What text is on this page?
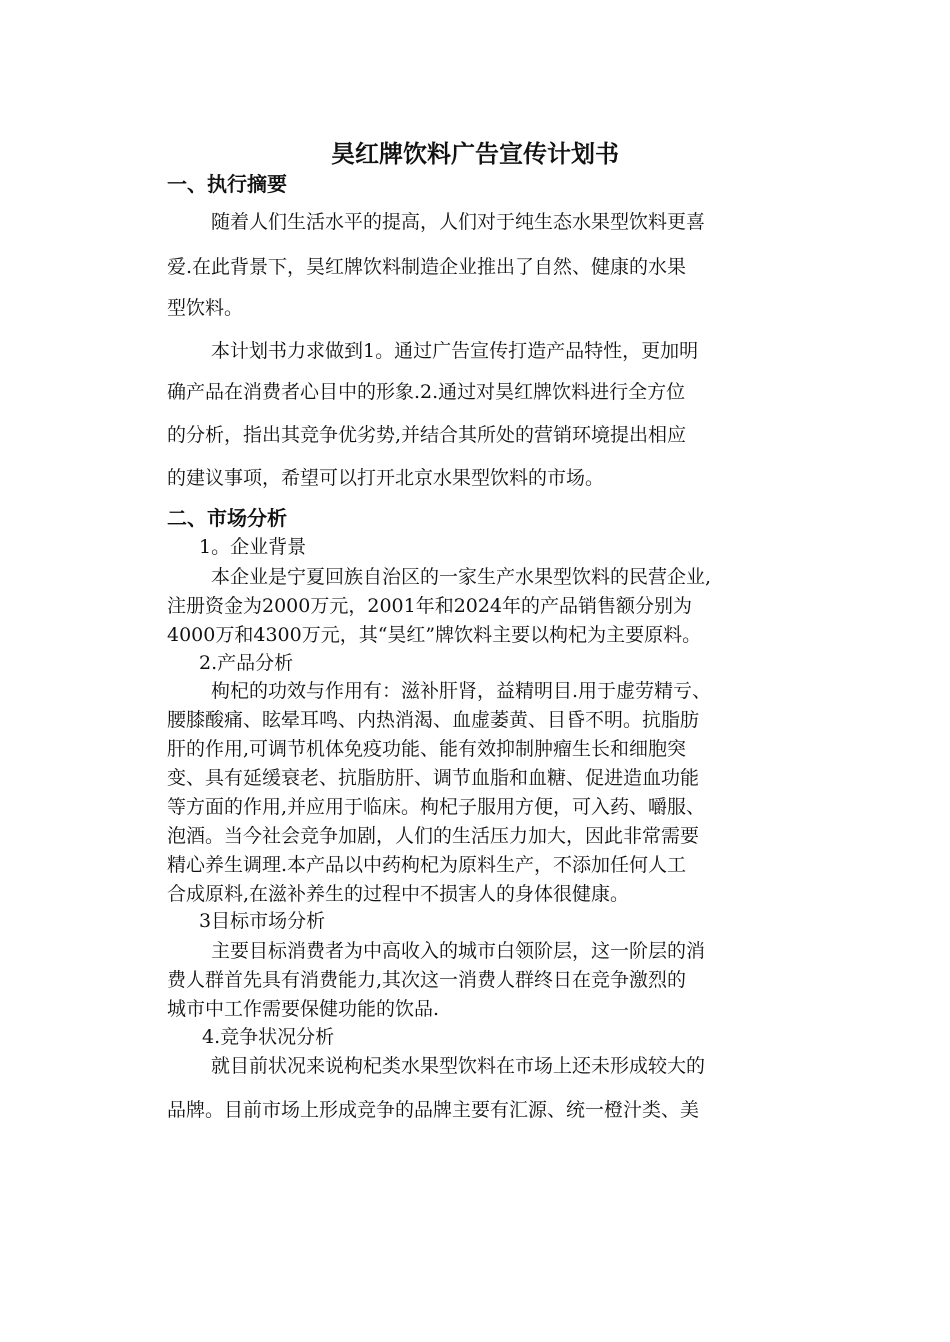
昊红牌饮料广告宣传计划书
一、执行摘要
随着人们生活水平的提高，人们对于纯生态水果型饮料更喜
爱.在此背景下，昊红牌饮料制造企业推出了自然、健康的水果
型饮料。
本计划书力求做到1。通过广告宣传打造产品特性，更加明
确产品在消费者心目中的形象.2.通过对昊红牌饮料进行全方位
的分析，指出其竞争优劣势,并结合其所处的营销环境提出相应
的建议事项，希望可以打开北京水果型饮料的市场。
二、市场分析
1。企业背景
本企业是宁夏回族自治区的一家生产水果型饮料的民营企业,
注册资金为2000万元，2001年和2024年的产品销售额分别为
4000万和4300万元，其“昊红”牌饮料主要以枸杞为主要原料。
2.产品分析
枸杞的功效与作用有：滋补肝肾，益精明目.用于虚劳精亏、
腰膝酸痛、眩晕耳鸣、内热消渴、血虚萎黄、目昏不明。抗脂肪
肝的作用,可调节机体免疫功能、能有效抑制肿瘤生长和细胞突
变、具有延缓衰老、抗脂肪肝、调节血脂和血糖、促进造血功能
等方面的作用,并应用于临床。枸杞子服用方便，可入药、嚼服、
泡酒。当今社会竞争加剧，人们的生活压力加大，因此非常需要
精心养生调理.本产品以中药枸杞为原料生产，不添加任何人工
合成原料,在滋补养生的过程中不损害人的身体很健康。
3目标市场分析
主要目标消费者为中高收入的城市白领阶层，这一阶层的消
费人群首先具有消费能力,其次这一消费人群终日在竞争激烈的
城市中工作需要保健功能的饮品.
4.竞争状况分析
就目前状况来说枸杞类水果型饮料在市场上还未形成较大的
品牌。目前市场上形成竞争的品牌主要有汇源、统一橙汁类、美
